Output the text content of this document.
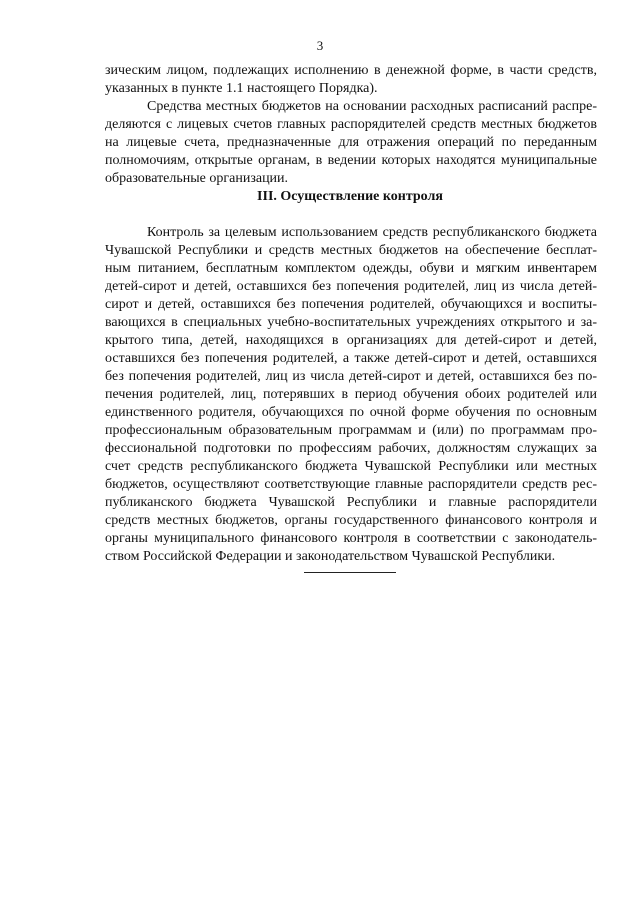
3
зическим лицом, подлежащих исполнению в денежной форме, в части средств,
указанных в пункте 1.1 настоящего Порядка).
Средства местных бюджетов на основании расходных расписаний распре-
деляются с лицевых счетов главных распорядителей средств местных бюджетов
на лицевые счета, предназначенные для отражения операций по переданным
полномочиям, открытые органам, в ведении которых находятся муниципальные
образовательные организации.
III. Осуществление контроля
Контроль за целевым использованием средств республиканского бюджета
Чувашской Республики и средств местных бюджетов на обеспечение бесплат-
ным питанием, бесплатным комплектом одежды, обуви и мягким инвентарем
детей-сирот и детей, оставшихся без попечения родителей, лиц из числа детей-
сирот и детей, оставшихся без попечения родителей, обучающихся и воспиты-
вающихся в специальных учебно-воспитательных учреждениях открытого и за-
крытого типа, детей, находящихся в организациях для детей-сирот и детей,
оставшихся без попечения родителей, а также детей-сирот и детей, оставшихся
без попечения родителей, лиц из числа детей-сирот и детей, оставшихся без по-
печения родителей, лиц, потерявших в период обучения обоих родителей или
единственного родителя, обучающихся по очной форме обучения по основным
профессиональным образовательным программам и (или) по программам про-
фессиональной подготовки по профессиям рабочих, должностям служащих за
счет средств республиканского бюджета Чувашской Республики или местных
бюджетов, осуществляют соответствующие главные распорядители средств рес-
публиканского бюджета Чувашской Республики и главные распорядители
средств местных бюджетов, органы государственного финансового контроля и
органы муниципального финансового контроля в соответствии с законодатель-
ством Российской Федерации и законодательством Чувашской Республики.
